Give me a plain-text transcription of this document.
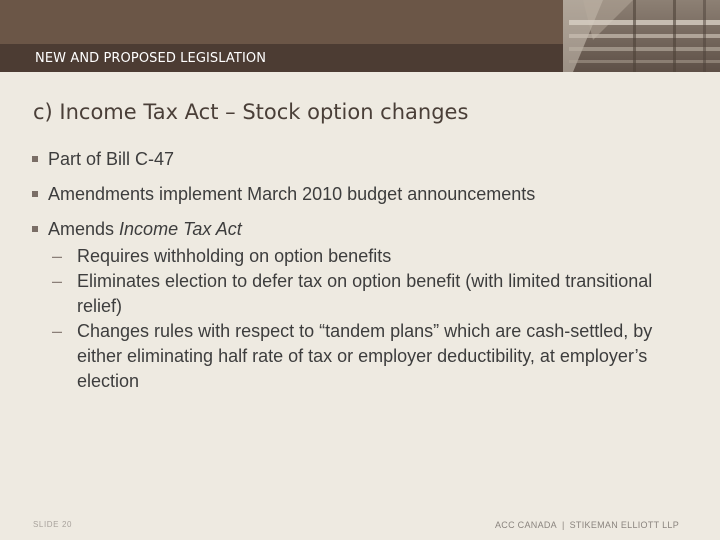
NEW AND PROPOSED LEGISLATION
c) Income Tax Act – Stock option changes
Part of Bill C-47
Amendments implement March 2010 budget announcements
Amends Income Tax Act
– Requires withholding on option benefits
– Eliminates election to defer tax on option benefit (with limited transitional relief)
– Changes rules with respect to “tandem plans” which are cash-settled, by either eliminating half rate of tax or employer deductibility, at employer’s election
SLIDE 20	ACC CANADA | STIKEMAN ELLIOTT LLP
